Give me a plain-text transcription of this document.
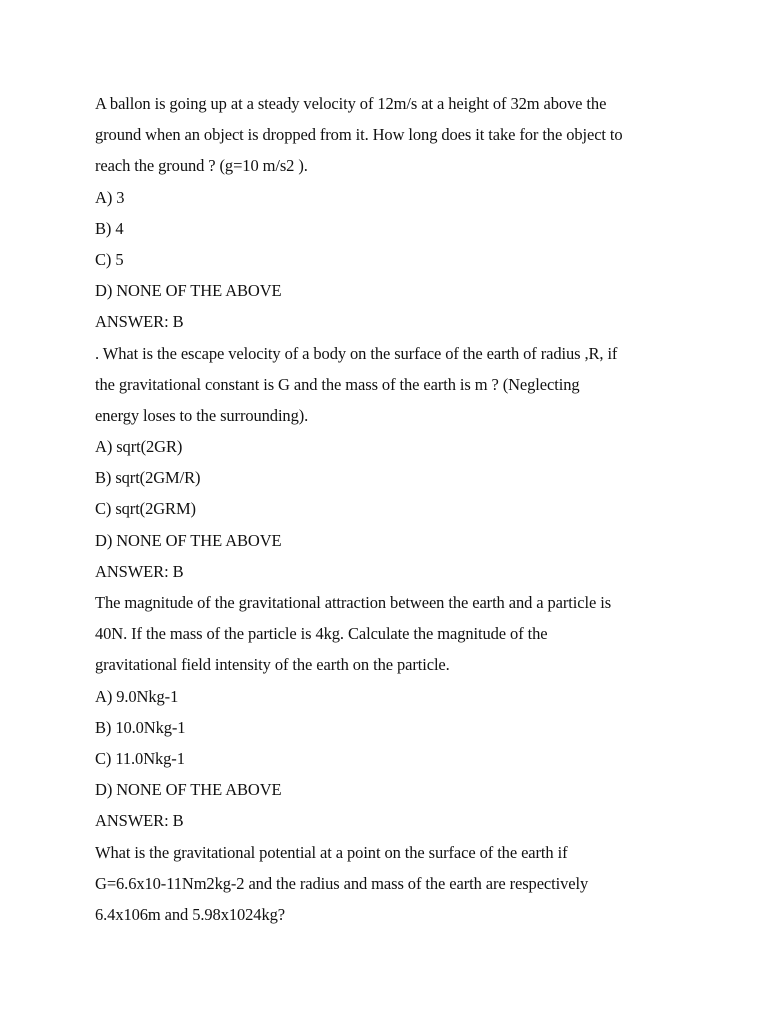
A ballon is going up at a steady velocity of 12m/s at a height of 32m above the
ground when an object is dropped from it. How long does it take for the object to
reach the ground ? (g=10 m/s2 ).
A) 3
B) 4
C) 5
D) NONE OF THE ABOVE
ANSWER: B
. What is the escape velocity of a body on the surface of the earth of radius ,R, if
the gravitational constant is G and the mass of the earth is m ? (Neglecting
energy loses to the surrounding).
A) sqrt(2GR)
B) sqrt(2GM/R)
C) sqrt(2GRM)
D) NONE OF THE ABOVE
ANSWER: B
The magnitude of the gravitational attraction between the earth and a particle is
40N. If the mass of the particle is 4kg. Calculate the magnitude of the
gravitational field intensity of the earth on the particle.
A) 9.0Nkg-1
B) 10.0Nkg-1
C) 11.0Nkg-1
D) NONE OF THE ABOVE
ANSWER: B
What is the gravitational potential at a point on the surface of the earth if
G=6.6x10-11Nm2kg-2 and the radius and mass of the earth are respectively
6.4x106m and 5.98x1024kg?
